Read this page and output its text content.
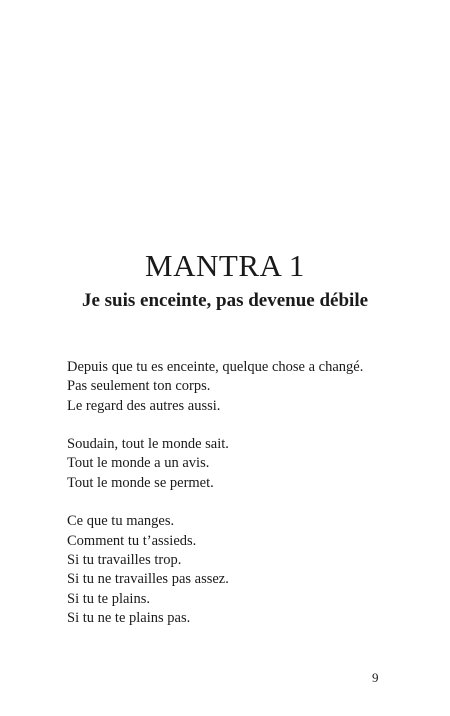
MANTRA 1
Je suis enceinte, pas devenue débile

Depuis que tu es enceinte, quelque chose a changé.
Pas seulement ton corps.
Le regard des autres aussi.

Soudain, tout le monde sait.
Tout le monde a un avis.
Tout le monde se permet.

Ce que tu manges.
Comment tu t’assieds.
Si tu travailles trop.
Si tu ne travailles pas assez.
Si tu te plains.
Si tu ne te plains pas.

9
